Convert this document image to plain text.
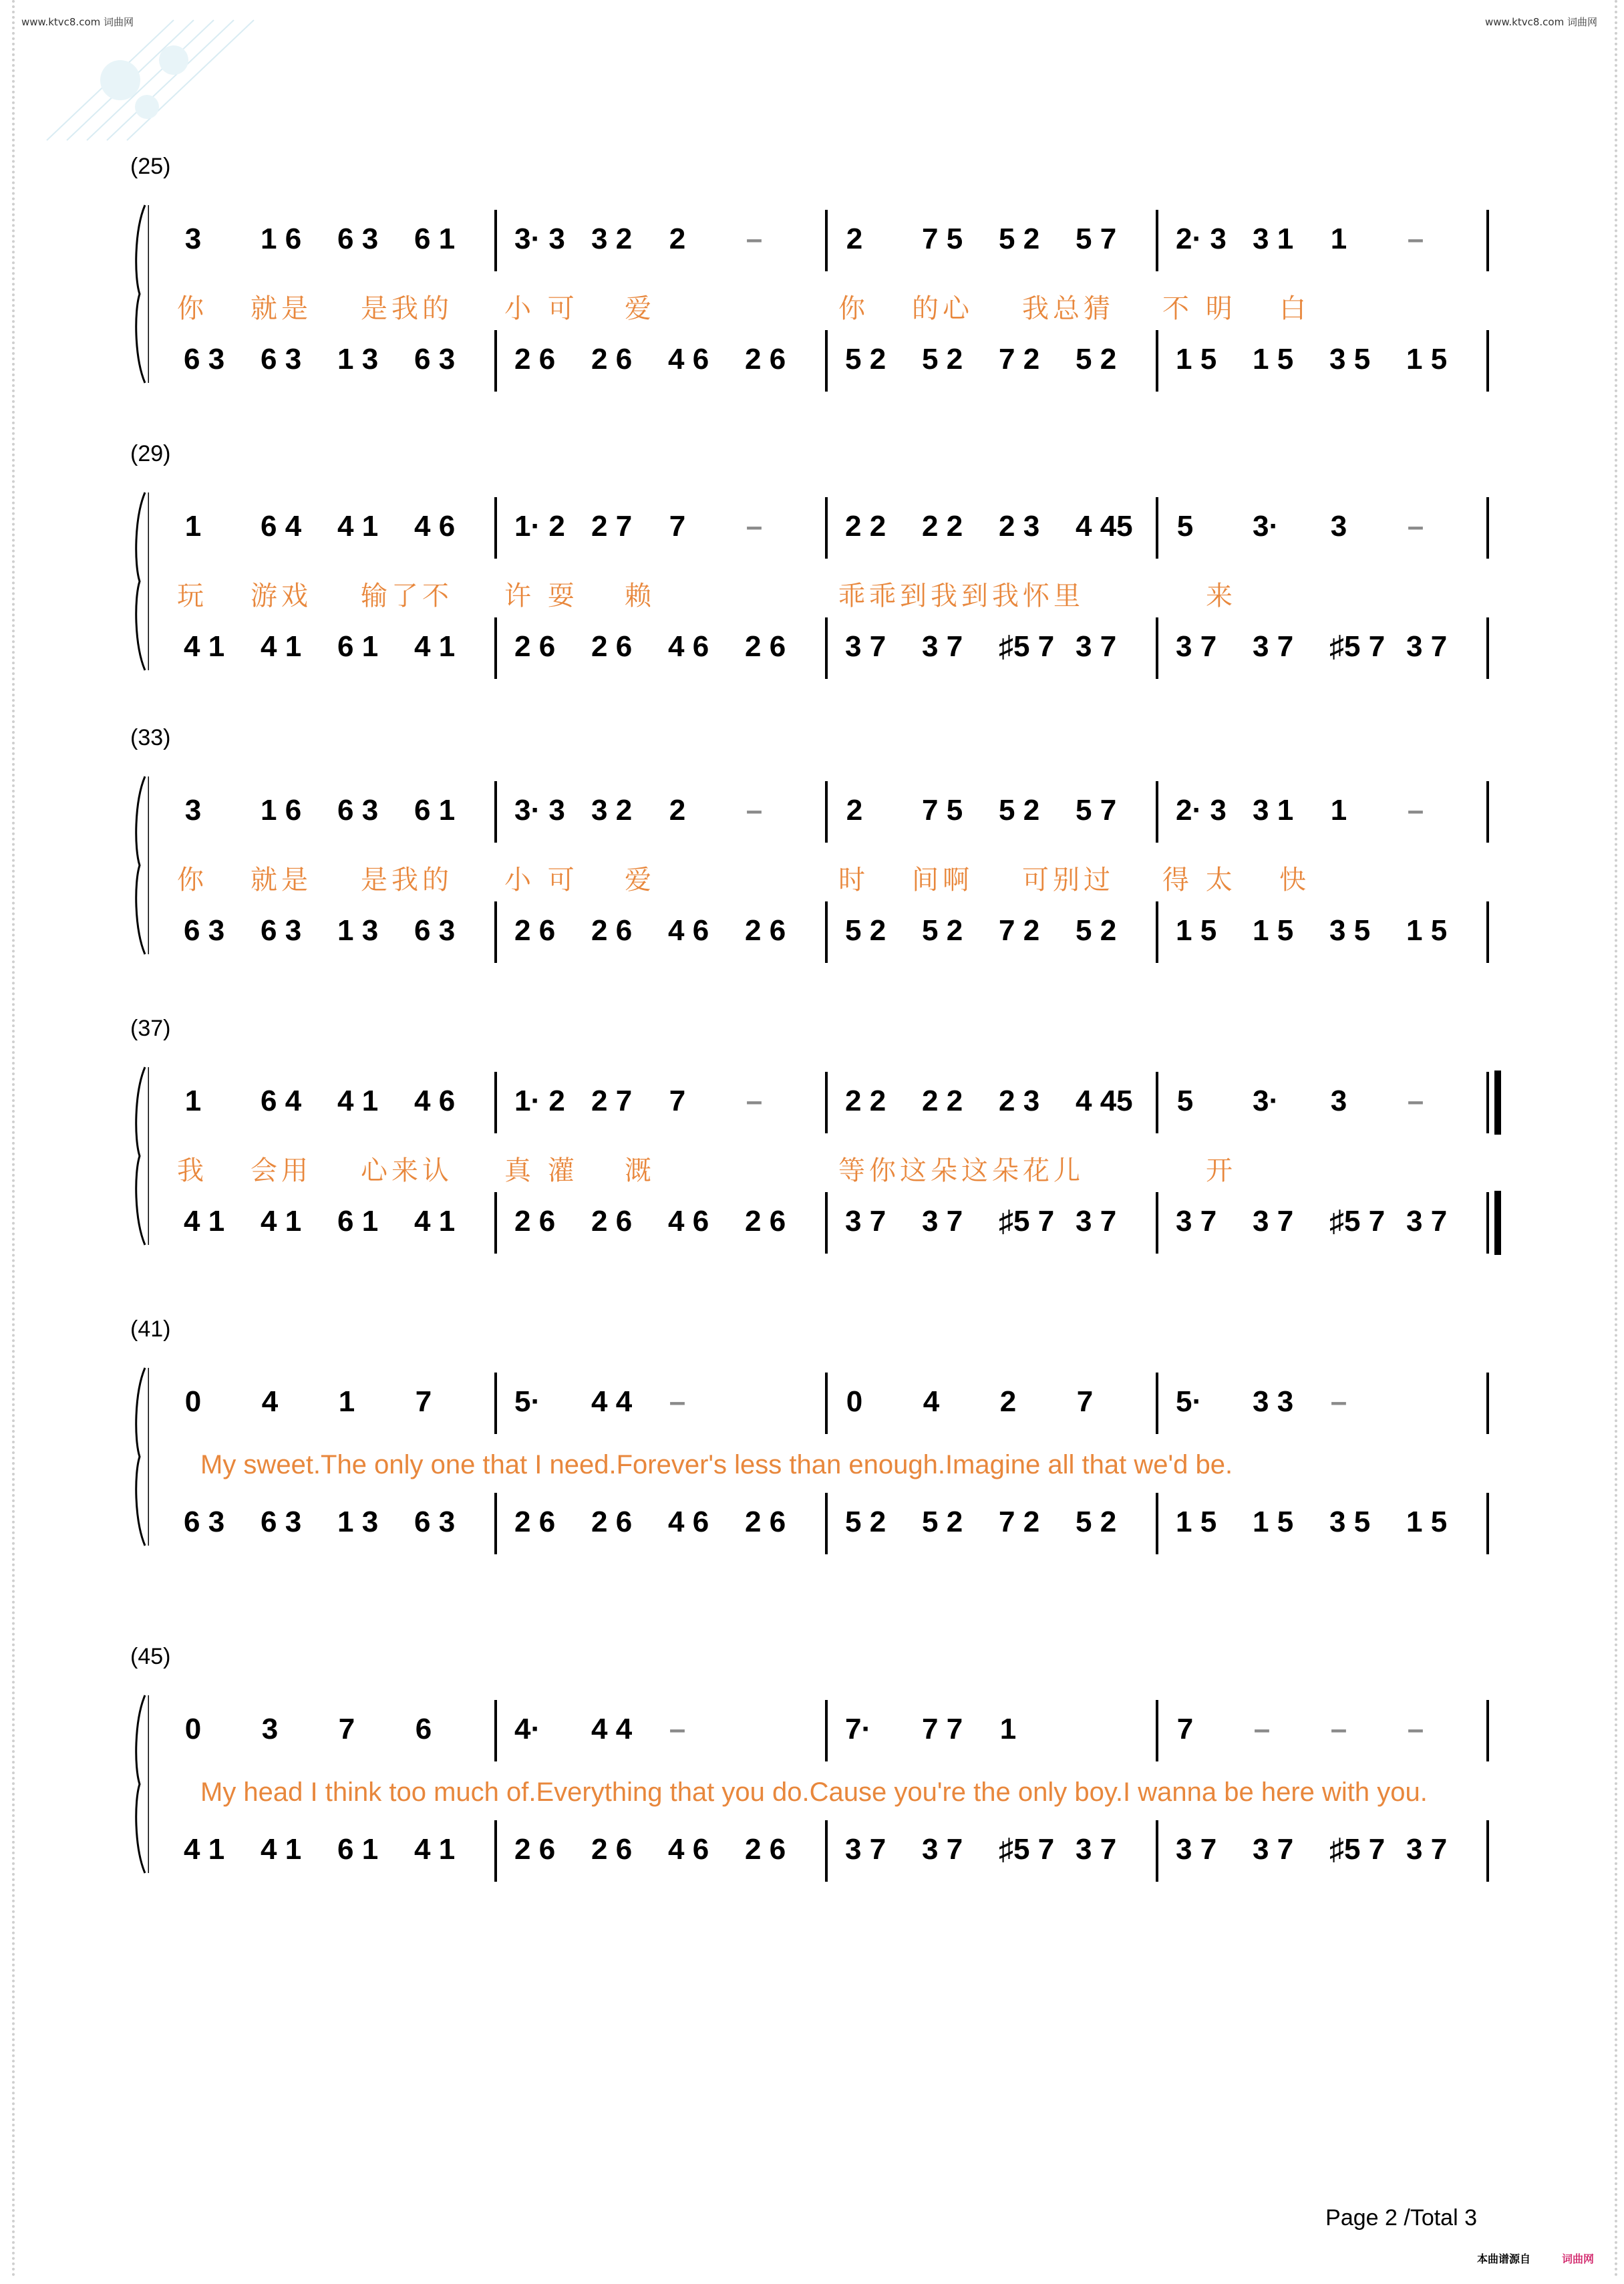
www.ktvc8.com 词曲网	www.ktvc8.com 词曲网
(25)
3 1 6 6 3 6 1 3· 3 3 2 2 –	2 7 5 5 2 5 7 2· 3 3 1 1 –
6 3 6 3 1 3 6 3 2 6 2 6 4 6 2 6 5 2 5 2 7 2 5 2 1 5 1 5 3 5 1 5
你 就是 是我的 小 可 爱	你 的心 我总猜 不 明 白
(29)
1 6 4 4 1 4 6 1· 2 2 7 7 –	2 2 2 2 2 3 4 45 5 3· 3 –
4 1 4 1 6 1 4 1 2 6 2 6 4 6 2 6 3 7 3 7 ♯5 7 3 7 3 7 3 7 ♯5 7 3 7
玩 游戏 输了不 许 耍 赖	乖乖到我到我怀里	来
(33)
3 1 6 6 3 6 1 3· 3 3 2 2 –	2 7 5 5 2 5 7 2· 3 3 1 1 –
6 3 6 3 1 3 6 3 2 6 2 6 4 6 2 6 5 2 5 2 7 2 5 2 1 5 1 5 3 5 1 5
你 就是 是我的 小 可 爱	时 间啊 可别过 得 太 快
(37)
1 6 4 4 1 4 6 1· 2 2 7 7 –	2 2 2 2 2 3 4 45 5 3· 3 –
4 1 4 1 6 1 4 1 2 6 2 6 4 6 2 6 3 7 3 7 ♯5 7 3 7 3 7 3 7 ♯5 7 3 7
我 会用 心来认 真 灌 溉	等你这朵这朵花儿	开
(41)
0 4 1 7	5· 4 4 –	0 4 2 7	5· 3 3 –
6 3 6 3 1 3 6 3 2 6 2 6 4 6 2 6 5 2 5 2 7 2 5 2 1 5 1 5 3 5 1 5
My sweet.The only one that I need.Forever's less than enough.Imagine all that we'd be.
(45)
0 3 7 6	4· 4 4 –	7· 7 7 1	7 – – –
4 1 4 1 6 1 4 1 2 6 2 6 4 6 2 6 3 7 3 7 ♯5 7 3 7 3 7 3 7 ♯5 7 3 7
My head I think too much of.Everything that you do.Cause you're the only boy.I wanna be here with you.
Page 2 /Total 3
本曲谱源自	词曲网
